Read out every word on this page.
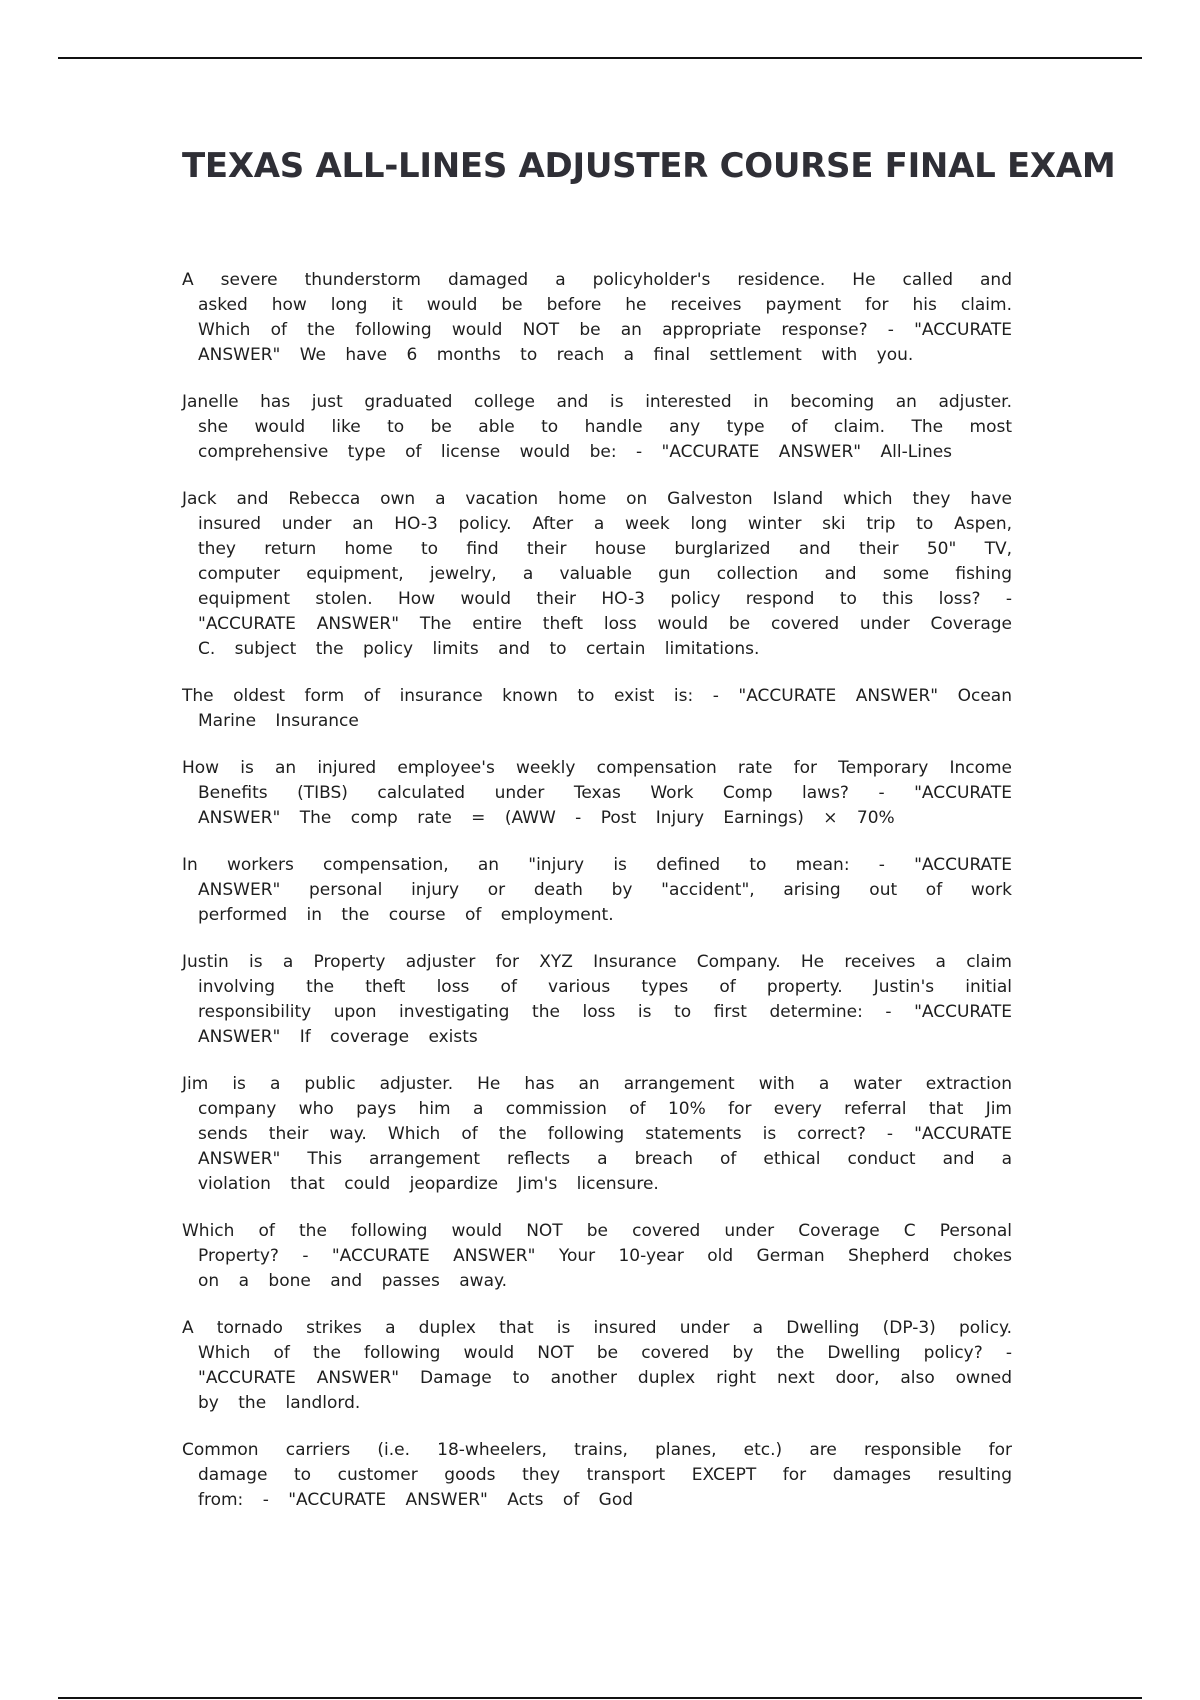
TEXAS ALL-LINES ADJUSTER COURSE FINAL EXAM

A severe thunderstorm damaged a policyholder's residence. He called and asked how long it would be before he receives payment for his claim. Which of the following would NOT be an appropriate response? - "ACCURATE ANSWER" We have 6 months to reach a final settlement with you.

Janelle has just graduated college and is interested in becoming an adjuster. she would like to be able to handle any type of claim. The most comprehensive type of license would be: - "ACCURATE ANSWER" All-Lines

Jack and Rebecca own a vacation home on Galveston Island which they have insured under an HO-3 policy. After a week long winter ski trip to Aspen, they return home to find their house burglarized and their 50" TV, computer equipment, jewelry, a valuable gun collection and some fishing equipment stolen. How would their HO-3 policy respond to this loss? - "ACCURATE ANSWER" The entire theft loss would be covered under Coverage C. subject the policy limits and to certain limitations.

The oldest form of insurance known to exist is: - "ACCURATE ANSWER" Ocean Marine Insurance

How is an injured employee's weekly compensation rate for Temporary Income Benefits (TIBS) calculated under Texas Work Comp laws? - "ACCURATE ANSWER" The comp rate = (AWW - Post Injury Earnings) × 70%

In workers compensation, an "injury is defined to mean: - "ACCURATE ANSWER" personal injury or death by "accident", arising out of work performed in the course of employment.

Justin is a Property adjuster for XYZ Insurance Company. He receives a claim involving the theft loss of various types of property. Justin's initial responsibility upon investigating the loss is to first determine: - "ACCURATE ANSWER" If coverage exists

Jim is a public adjuster. He has an arrangement with a water extraction company who pays him a commission of 10% for every referral that Jim sends their way. Which of the following statements is correct? - "ACCURATE ANSWER" This arrangement reflects a breach of ethical conduct and a violation that could jeopardize Jim's licensure.

Which of the following would NOT be covered under Coverage C Personal Property? - "ACCURATE ANSWER" Your 10-year old German Shepherd chokes on a bone and passes away.

A tornado strikes a duplex that is insured under a Dwelling (DP-3) policy. Which of the following would NOT be covered by the Dwelling policy? - "ACCURATE ANSWER" Damage to another duplex right next door, also owned by the landlord.

Common carriers (i.e. 18-wheelers, trains, planes, etc.) are responsible for damage to customer goods they transport EXCEPT for damages resulting from: - "ACCURATE ANSWER" Acts of God
